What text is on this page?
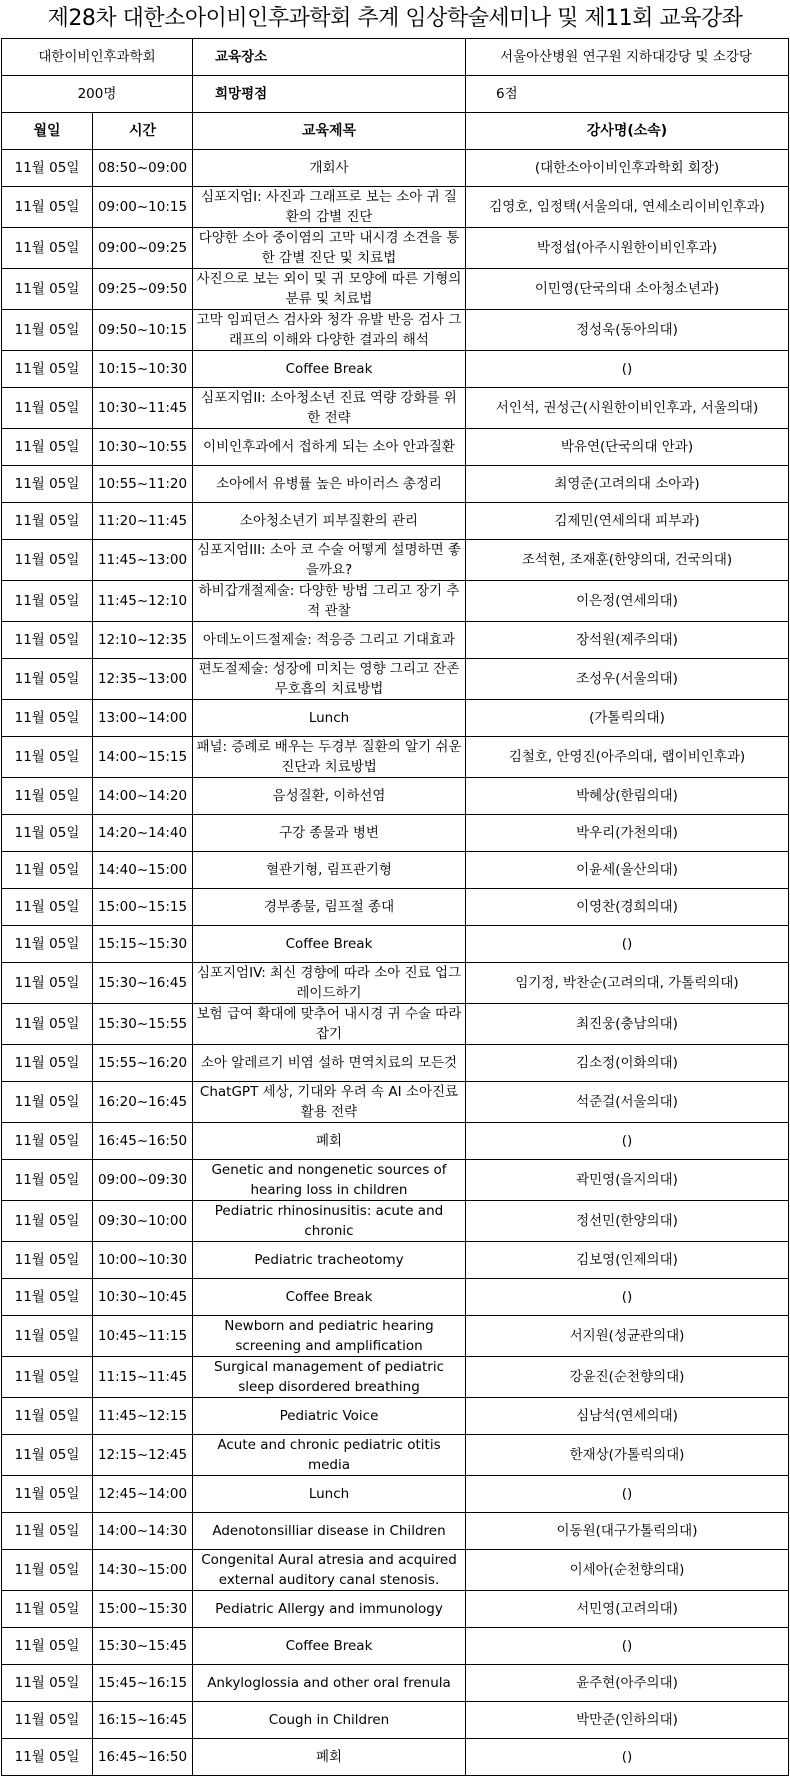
제28차 대한소아이비인후과학회 추계 임상학술세미나 및 제11회 교육강좌
대한이비인후과학회		교육장소	서울아산병원 연구원 지하대강당 및 소강당
200명		희망평점	6점
월일	시간	교육제목	강사명(소속)
11월 05일	08:50~09:00	개회사	(대한소아이비인후과학회 회장)
11월 05일	09:00~10:15	심포지엄I: 사진과 그래프로 보는 소아 귀 질환의 감별 진단	김영호, 임정택(서울의대, 연세소리이비인후과)
11월 05일	09:00~09:25	다양한 소아 중이염의 고막 내시경 소견을 통한 감별 진단 및 치료법	박정섭(아주시원한이비인후과)
11월 05일	09:25~09:50	사진으로 보는 외이 및 귀 모양에 따른 기형의 분류 및 치료법	이민영(단국의대 소아청소년과)
11월 05일	09:50~10:15	고막 임피던스 검사와 청각 유발 반응 검사 그래프의 이해와 다양한 결과의 해석	정성욱(동아의대)
11월 05일	10:15~10:30	Coffee Break	()
11월 05일	10:30~11:45	심포지엄II: 소아청소년 진료 역량 강화를 위한 전략	서인석, 권성근(시원한이비인후과, 서울의대)
11월 05일	10:30~10:55	이비인후과에서 접하게 되는 소아 안과질환	박유연(단국의대 안과)
11월 05일	10:55~11:20	소아에서 유병률 높은 바이러스 총정리	최영준(고려의대 소아과)
11월 05일	11:20~11:45	소아청소년기 피부질환의 관리	김제민(연세의대 피부과)
11월 05일	11:45~13:00	심포지엄III: 소아 코 수술 어떻게 설명하면 좋을까요?	조석현, 조재훈(한양의대, 건국의대)
11월 05일	11:45~12:10	하비갑개절제술: 다양한 방법 그리고 장기 추적 관찰	이은정(연세의대)
11월 05일	12:10~12:35	아데노이드절제술: 적응증 그리고 기대효과	장석원(제주의대)
11월 05일	12:35~13:00	편도절제술: 성장에 미치는 영향 그리고 잔존 무호흡의 치료방법	조성우(서울의대)
11월 05일	13:00~14:00	Lunch	(가톨릭의대)
11월 05일	14:00~15:15	패널: 증례로 배우는 두경부 질환의 알기 쉬운 진단과 치료방법	김철호, 안영진(아주의대, 랩이비인후과)
11월 05일	14:00~14:20	음성질환, 이하선염	박혜상(한림의대)
11월 05일	14:20~14:40	구강 종물과 병변	박우리(가천의대)
11월 05일	14:40~15:00	혈관기형, 림프관기형	이윤세(울산의대)
11월 05일	15:00~15:15	경부종물, 림프절 종대	이영찬(경희의대)
11월 05일	15:15~15:30	Coffee Break	()
11월 05일	15:30~16:45	심포지엄IV: 최신 경향에 따라 소아 진료 업그레이드하기	임기정, 박찬순(고려의대, 가톨릭의대)
11월 05일	15:30~15:55	보험 급여 확대에 맞추어 내시경 귀 수술 따라잡기	최진웅(충남의대)
11월 05일	15:55~16:20	소아 알레르기 비염 설하 면역치료의 모든것	김소정(이화의대)
11월 05일	16:20~16:45	ChatGPT 세상, 기대와 우려 속 AI 소아진료 활용 전략	석준걸(서울의대)
11월 05일	16:45~16:50	폐회	()
11월 05일	09:00~09:30	Genetic and nongenetic sources of hearing loss in children	곽민영(을지의대)
11월 05일	09:30~10:00	Pediatric rhinosinusitis: acute and chronic	정선민(한양의대)
11월 05일	10:00~10:30	Pediatric tracheotomy	김보영(인제의대)
11월 05일	10:30~10:45	Coffee Break	()
11월 05일	10:45~11:15	Newborn and pediatric hearing screening and amplification	서지원(성균관의대)
11월 05일	11:15~11:45	Surgical management of pediatric sleep disordered breathing	강윤진(순천향의대)
11월 05일	11:45~12:15	Pediatric Voice	심남석(연세의대)
11월 05일	12:15~12:45	Acute and chronic pediatric otitis media	한재상(가톨릭의대)
11월 05일	12:45~14:00	Lunch	()
11월 05일	14:00~14:30	Adenotonsilliar disease in Children	이동원(대구가톨릭의대)
11월 05일	14:30~15:00	Congenital Aural atresia and acquired external auditory canal stenosis.	이세아(순천향의대)
11월 05일	15:00~15:30	Pediatric Allergy and immunology	서민영(고려의대)
11월 05일	15:30~15:45	Coffee Break	()
11월 05일	15:45~16:15	Ankyloglossia and other oral frenula	윤주현(아주의대)
11월 05일	16:15~16:45	Cough in Children	박만준(인하의대)
11월 05일	16:45~16:50	폐회	()
